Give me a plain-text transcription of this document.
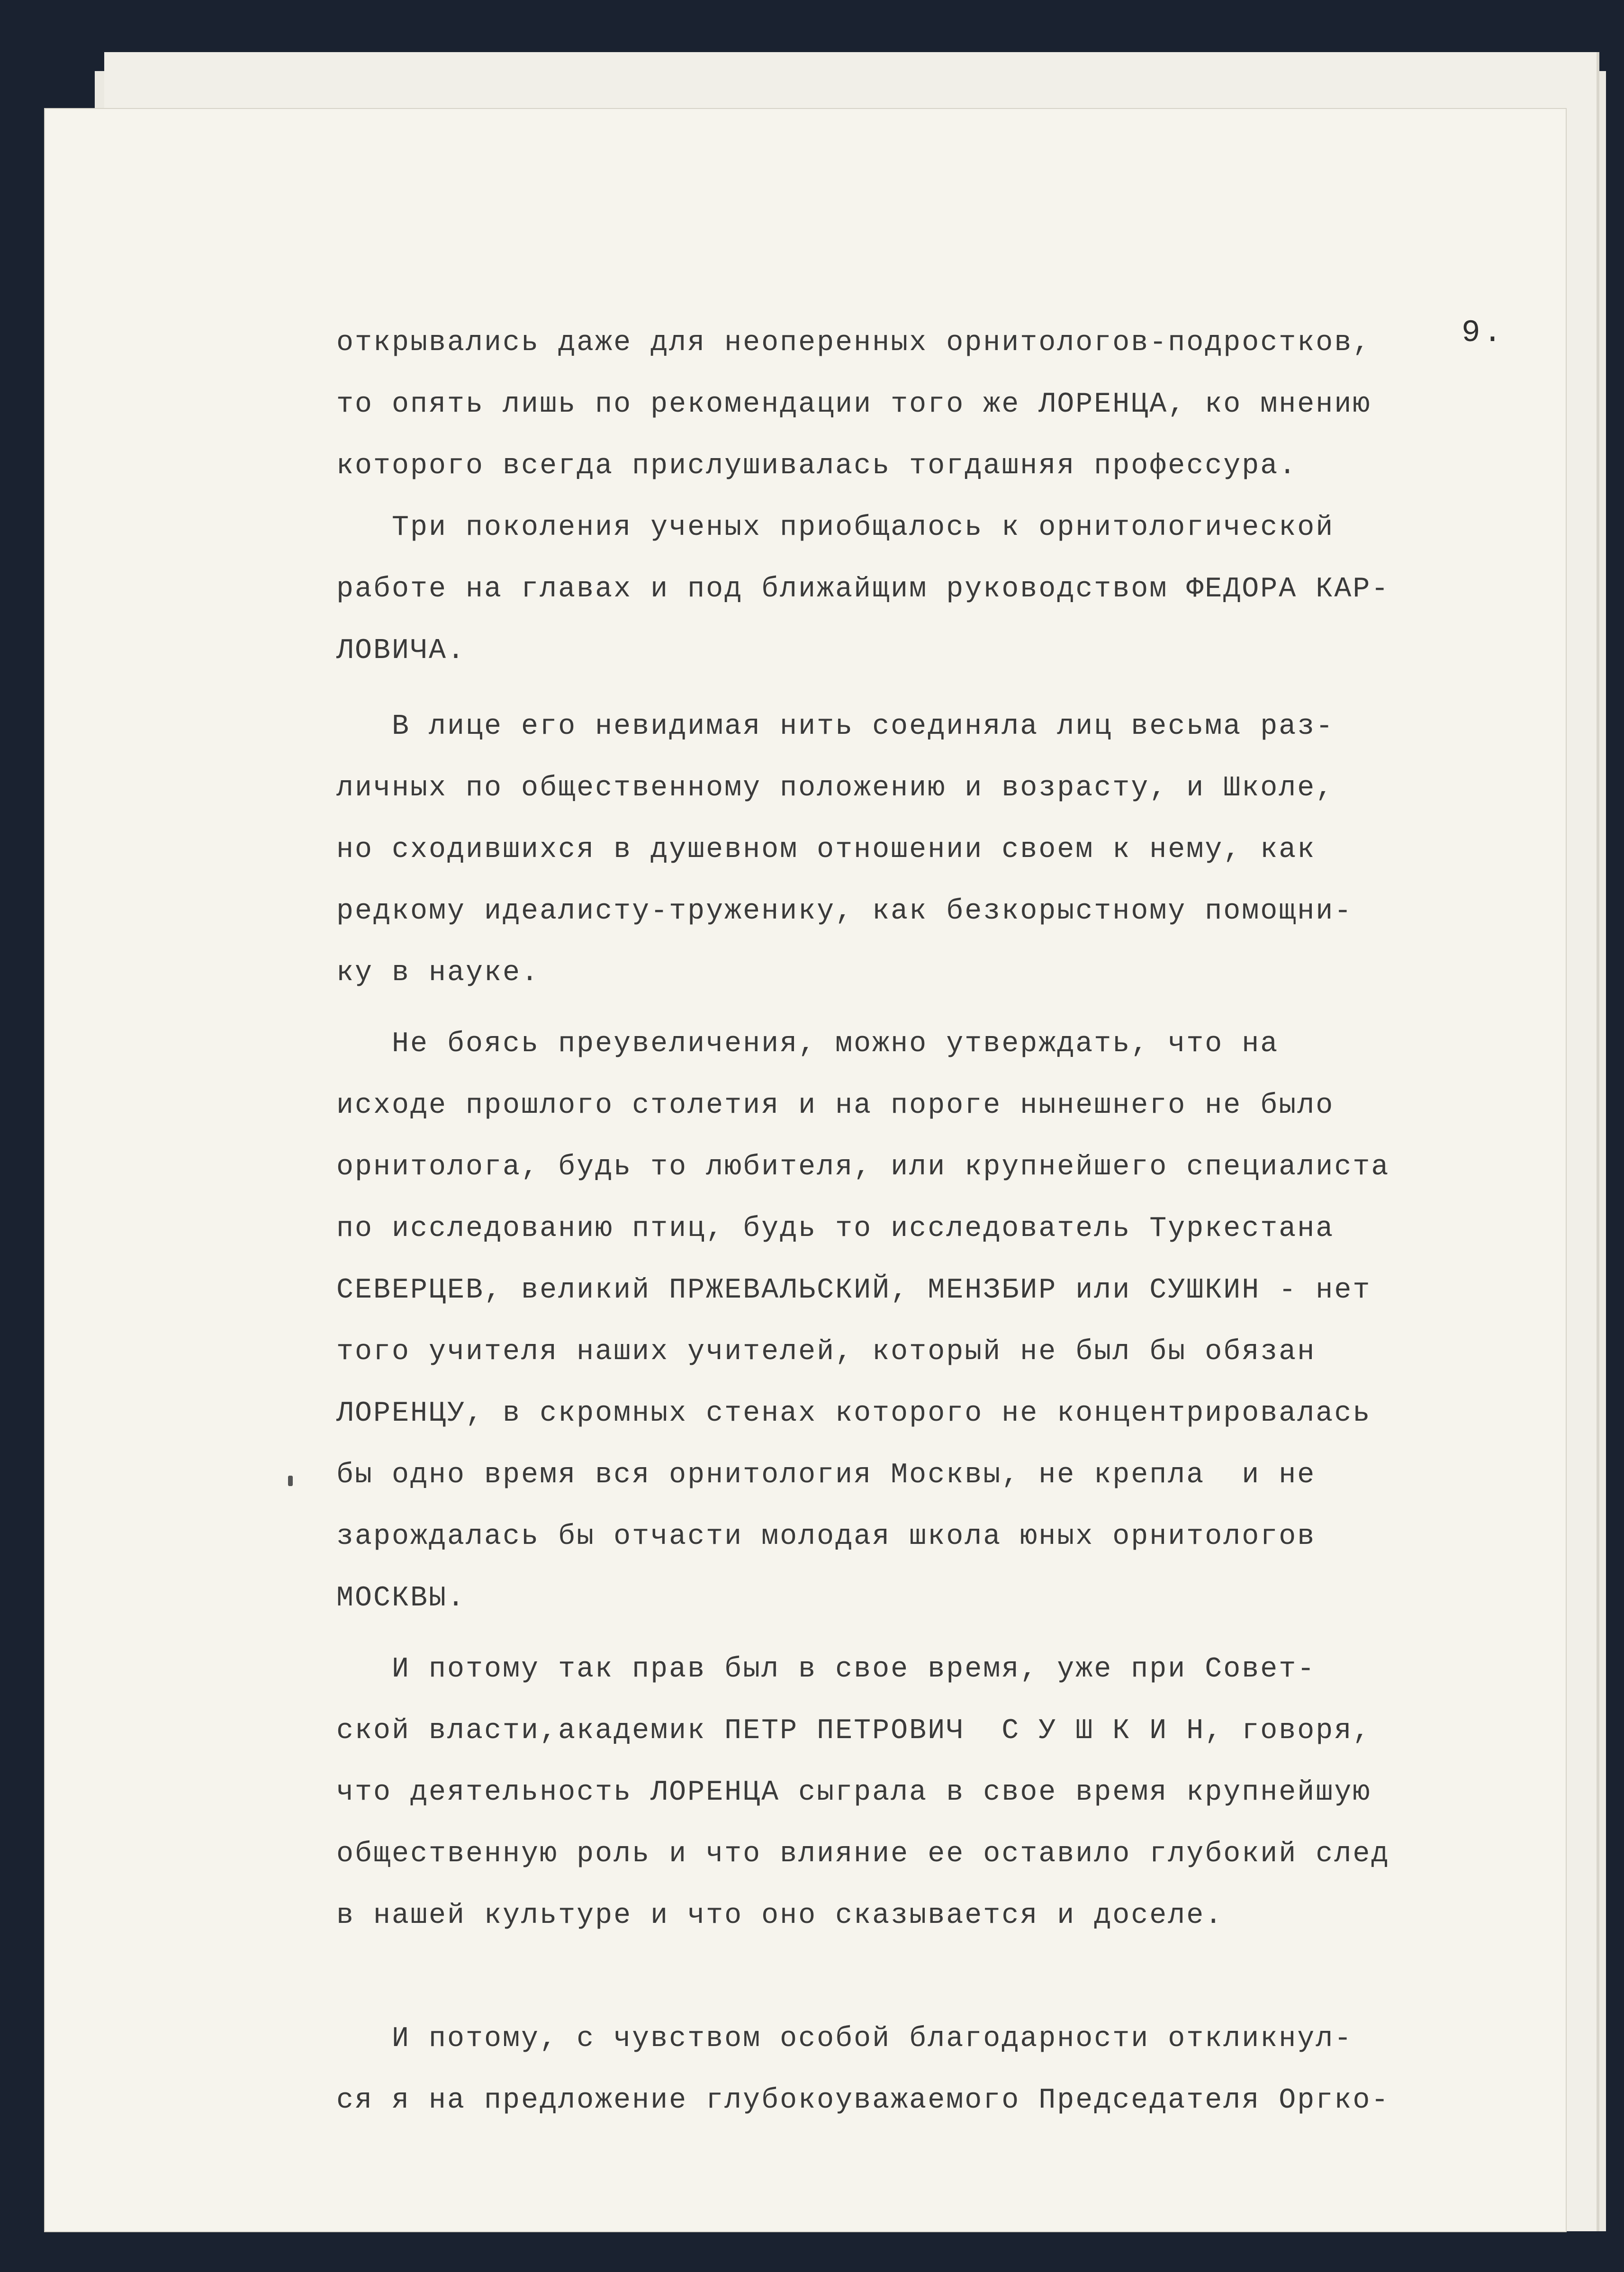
9.
открывались даже для неоперенных орнитологов-подростков,
то опять лишь по рекомендации того же ЛОРЕНЦА, ко мнению
которого всегда прислушивалась тогдашняя профессура.
Три поколения ученых приобщалось к орнитологической
работе на главах и под ближайщим руководством ФЕДОРА КАР-
ЛОВИЧА.
В лице его невидимая нить соединяла лиц весьма раз-
личных по общественному положению и возрасту, и Школе,
но сходившихся в душевном отношении своем к нему, как
редкому идеалисту-труженику, как безкорыстному помощни-
ку в науке.
Не боясь преувеличения, можно утверждать, что на
исходе прошлого столетия и на пороге нынешнего не было
орнитолога, будь то любителя, или крупнейшего специалиста
по исследованию птиц, будь то исследователь Туркестана
СЕВЕРЦЕВ, великий ПРЖЕВАЛЬСКИЙ, МЕНЗБИР или СУШКИН - нет
того учителя наших учителей, который не был бы обязан
ЛОРЕНЦУ, в скромных стенах которого не концентрировалась
бы одно время вся орнитология Москвы, не крепла  и не
зарождалась бы отчасти молодая школа юных орнитологов
МОСКВЫ.
И потому так прав был в свое время, уже при Совет-
ской власти,академик ПЕТР ПЕТРОВИЧ  С У Ш К И Н, говоря,
что деятельность ЛОРЕНЦА сыграла в свое время крупнейшую
общественную роль и что влияние ее оставило глубокий след
в нашей культуре и что оно сказывается и доселе.
И потому, с чувством особой благодарности откликнул-
ся я на предложение глубокоуважаемого Председателя Оргко-
